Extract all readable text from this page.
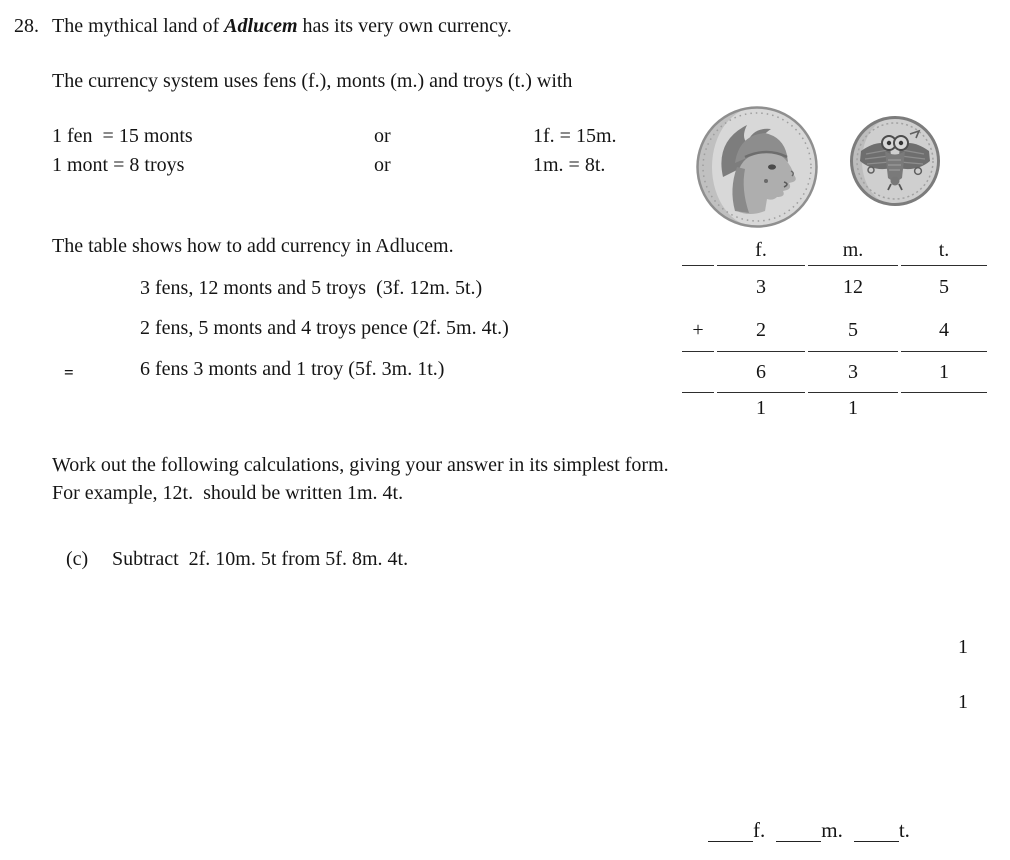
28. The mythical land of Adlucem has its very own currency.
The currency system uses fens (f.), monts (m.) and troys (t.) with
1 fen  = 15 monts	or	1f. = 15m.
1 mont = 8 troys	or	1m. = 8t.
The table shows how to add currency in Adlucem.
3 fens, 12 monts and 5 troys  (3f. 12m. 5t.)
2 fens, 5 monts and 4 troys pence (2f. 5m. 4t.)
=	6 fens 3 monts and 1 troy (5f. 3m. 1t.)
	f.	m.	t.
	3	12	5
+	2	5	4
	6	3	1
	1	1	
Work out the following calculations, giving your answer in its simplest form.
For example, 12t.  should be written 1m. 4t.
(c) Subtract  2f. 10m. 5t from 5f. 8m. 4t.
1
1
f.	m.	t.
